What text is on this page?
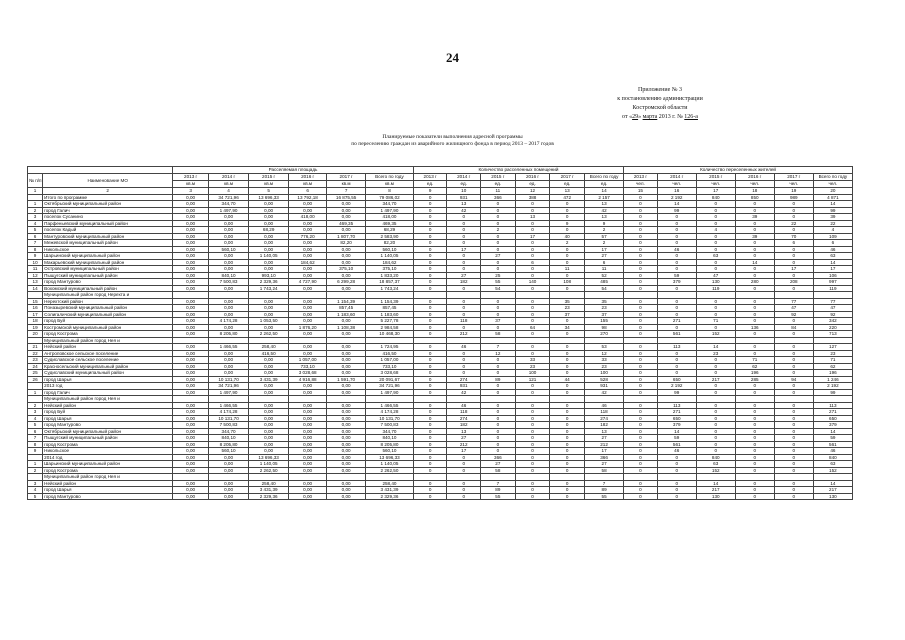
24
Приложение № 3
к постановлению администрации
Костромской области
от «29» марта 2013 г. № 126-а
Планируемые показатели выполнения адресной программы
по переселению граждан из аварийного жилищного фонда в период 2013 – 2017 годов
		Расселяемая площадь						Количество расселенных помещений						Количество переселенных жителей					
№ п/п	Наименование МО	2013 г	2014 г	2015 г	2016 г	2017 г	Всего по году	2013 г	2014 г	2015 г	2016 г	2017 г	Всего по году	2013 г	2014 г	2015 г	2016 г	2017 г	Всего по году
		кв.м	кв.м	кв.м	кв.м	кв.м	кв.м	ед.	ед.	ед.	ед.	ед.	ед.	чел.	чел.	чел.	чел.	чел.	чел.
1	2	3	4	5	6	7	8	9	10	11	12	13	14	15	16	17	18	19	20
	Итого по программе	0,00	34 721,96	13 696,33	13 792,18	16 875,55	79 086,02	0	931	366	388	472	2 157	0	2 192	840	850	989	4 871
1	Октябрьский муниципальный район	0,00	344,70	0,00	0,00	0,00	344,70	0	13	0	0	0	13	0	14	0	0	0	14
2	город Галич	0,00	1 497,90	0,00	0,00	0,00	1 497,90	0	42	0	0	0	42	0	99	0	0	0	99
3	поселок Сусанино	0,00	0,00	0,00	418,00	0,00	418,00	0	0	0	13	0	13	0	0	0	39	0	39
4	Парфеньевский муниципальный район	0,00	0,00	0,00	0,00	469,35	469,35	0	0	0	0	9	9	0	0	0	0	22	22
5	поселок Кадый	0,00	0,00	68,29	0,00	0,00	68,29	0	0	2	0	0	2	0	0	4	0	0	4
6	Мантуровский муниципальный район	0,00	0,00	0,00	776,20	1 807,70	2 583,90	0	0	0	17	40	57	0	0	0	39	70	109
7	Межевской муниципальный район	0,00	0,00	0,00	0,00	82,20	82,20	0	0	0	0	2	2	0	0	0	0	6	6
8	Никольское	0,00	560,10	0,00	0,00	0,00	560,10	0	17	0	0	0	17	0	46	0	0	0	46
9	Шарьинский муниципальный район	0,00	0,00	1 140,05	0,00	0,00	1 140,05	0	0	27	0	0	27	0	0	63	0	0	63
10	Макарьевский муниципальный район	0,00	0,00	0,00	184,62	0,00	184,62	0	0	0	6	0	6	0	0	0	14	0	14
11	Островский муниципальный район	0,00	0,00	0,00	0,00	375,10	375,10	0	0	0	0	11	11	0	0	0	0	17	17
12	Пыщугский муниципальный район	0,00	840,10	993,10	0,00	0,00	1 833,20	0	27	25	0	0	52	0	59	47	0	0	106
13	город Мантурово	0,00	7 500,83	2 329,36	4 727,90	6 299,28	18 857,37	0	182	55	140	108	485	0	379	130	280	208	997
14	Вохомский муниципальный район	0,00	0,00	1 743,24	0,00	0,00	1 743,24	0	0	54	0	0	54	0	0	119	0	0	119
	Муниципальный район город Нерехта и																		
15	Нерехтский район	0,00	0,00	0,00	0,00	1 154,39	1 154,39	0	0	0	0	35	35	0	0	0	0	77	77
16	Поназыревский муниципальный район	0,00	0,00	0,00	0,00	857,45	857,45	0	0	0	0	23	23	0	0	0	0	47	47
17	Солигаличский муниципальный район	0,00	0,00	0,00	0,00	1 183,60	1 183,60	0	0	0	0	37	37	0	0	0	0	92	92
18	город Буй	0,00	4 174,28	1 053,50	0,00	0,00	5 227,78	0	118	37	0	0	155	0	271	71	0	0	342
19	Костромской муниципальный район	0,00	0,00	0,00	1 876,20	1 108,38	2 984,58	0	0	0	64	34	98	0	0	0	136	84	220
20	город Кострома	0,00	8 205,80	2 262,50	0,00	0,00	10 468,30	0	212	58	0	0	270	0	561	152	0	0	713
	Муниципальный район город Нея и																		
21	Нейский район	0,00	1 466,55	258,40	0,00	0,00	1 724,95	0	46	7	0	0	53	0	113	14	0	0	127
22	Антроповское сельское поселение	0,00	0,00	416,50	0,00	0,00	416,50	0	0	12	0	0	12	0	0	23	0	0	23
23	Судиславское сельское поселение	0,00	0,00	0,00	1 057,00	0,00	1 057,00	0	0	0	33	0	33	0	0	0	71	0	71
24	Красносельский муниципальный район	0,00	0,00	0,00	733,10	0,00	733,10	0	0	0	23	0	23	0	0	0	62	0	62
25	Судиславский муниципальный район	0,00	0,00	0,00	3 028,68	0,00	3 028,68	0	0	0	100	0	100	0	0	0	196	0	196
26	город Шарья	0,00	10 131,70	3 431,39	4 916,88	1 591,70	20 091,67	0	274	89	121	44	528	0	650	217	285	94	1 246
	2013 год	0,00	34 721,96	0,00	0,00	0,00	34 721,96	0	931	0	0	0	931	0	2 192	0	0	0	2 192
1	город Галич	0,00	1 497,90	0,00	0,00	0,00	1 497,90	0	42	0	0	0	42	0	99	0	0	0	99
	Муниципальный район город Нея и																		
2	Нейский район	0,00	1 466,55	0,00	0,00	0,00	1 466,55	0	46	0	0	0	46	0	113	0	0	0	113
3	город Буй	0,00	4 174,28	0,00	0,00	0,00	4 174,28	0	118	0	0	0	118	0	271	0	0	0	271
4	город Шарья	0,00	10 131,70	0,00	0,00	0,00	10 131,70	0	274	0	0	0	274	0	650	0	0	0	650
5	город Мантурово	0,00	7 500,83	0,00	0,00	0,00	7 500,83	0	182	0	0	0	182	0	379	0	0	0	379
6	Октябрьский муниципальный район	0,00	344,70	0,00	0,00	0,00	344,70	0	13	0	0	0	13	0	14	0	0	0	14
7	Пыщугский муниципальный район	0,00	840,10	0,00	0,00	0,00	840,10	0	27	0	0	0	27	0	59	0	0	0	59
8	город Кострома	0,00	8 205,80	0,00	0,00	0,00	8 205,80	0	212	0	0	0	212	0	561	0	0	0	561
9	Никольское	0,00	560,10	0,00	0,00	0,00	560,10	0	17	0	0	0	17	0	46	0	0	0	46
	2014 год	0,00	0,00	13 696,33	0,00	0,00	13 696,33	0	0	366	0	0	366	0	0	840	0	0	840
1	Шарьинский муниципальный район	0,00	0,00	1 140,05	0,00	0,00	1 140,05	0	0	27	0	0	27	0	0	63	0	0	63
2	город Кострома	0,00	0,00	2 262,50	0,00	0,00	2 262,50	0	0	58	0	0	58	0	0	152	0	0	152
	Муниципальный район город Нея и																		
3	Нейский район	0,00	0,00	258,40	0,00	0,00	258,40	0	0	7	0	0	7	0	0	14	0	0	14
4	город Шарья	0,00	0,00	3 431,39	0,00	0,00	3 431,39	0	0	89	0	0	89	0	0	217	0	0	217
5	город Мантурово	0,00	0,00	2 329,36	0,00	0,00	2 329,36	0	0	55	0	0	55	0	0	130	0	0	130
